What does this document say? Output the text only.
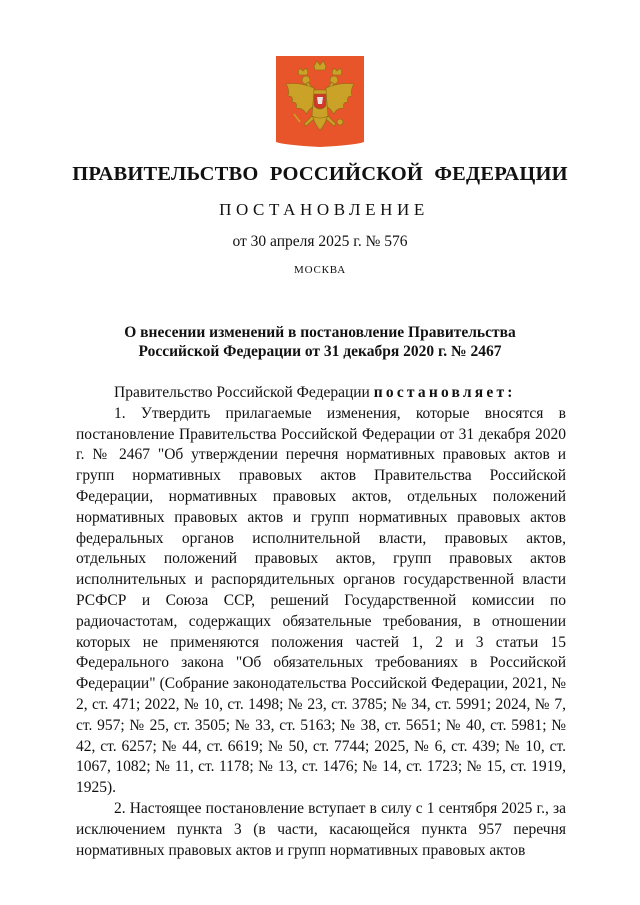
ПРАВИТЕЛЬСТВО РОССИЙСКОЙ ФЕДЕРАЦИИ
ПОСТАНОВЛЕНИЕ
от 30 апреля 2025 г. № 576
МОСКВА
О внесении изменений в постановление Правительства
Российской Федерации от 31 декабря 2020 г. № 2467

Правительство Российской Федерации постановляет:

1. Утвердить прилагаемые изменения, которые вносятся в постановление Правительства Российской Федерации от 31 декабря 2020 г. № 2467 "Об утверждении перечня нормативных правовых актов и групп нормативных правовых актов Правительства Российской Федерации, нормативных правовых актов, отдельных положений нормативных правовых актов и групп нормативных правовых актов федеральных органов исполнительной власти, правовых актов, отдельных положений правовых актов, групп правовых актов исполнительных и распорядительных органов государственной власти РСФСР и Союза ССР, решений Государственной комиссии по радиочастотам, содержащих обязательные требования, в отношении которых не применяются положения частей 1, 2 и 3 статьи 15 Федерального закона "Об обязательных требованиях в Российской Федерации" (Собрание законодательства Российской Федерации, 2021, № 2, ст. 471; 2022, № 10, ст. 1498; № 23, ст. 3785; № 34, ст. 5991; 2024, № 7, ст. 957; № 25, ст. 3505; № 33, ст. 5163; № 38, ст. 5651; № 40, ст. 5981; № 42, ст. 6257; № 44, ст. 6619; № 50, ст. 7744; 2025, № 6, ст. 439; № 10, ст. 1067, 1082; № 11, ст. 1178; № 13, ст. 1476; № 14, ст. 1723; № 15, ст. 1919, 1925).

2. Настоящее постановление вступает в силу с 1 сентября 2025 г., за исключением пункта 3 (в части, касающейся пункта 957 перечня нормативных правовых актов и групп нормативных правовых актов
